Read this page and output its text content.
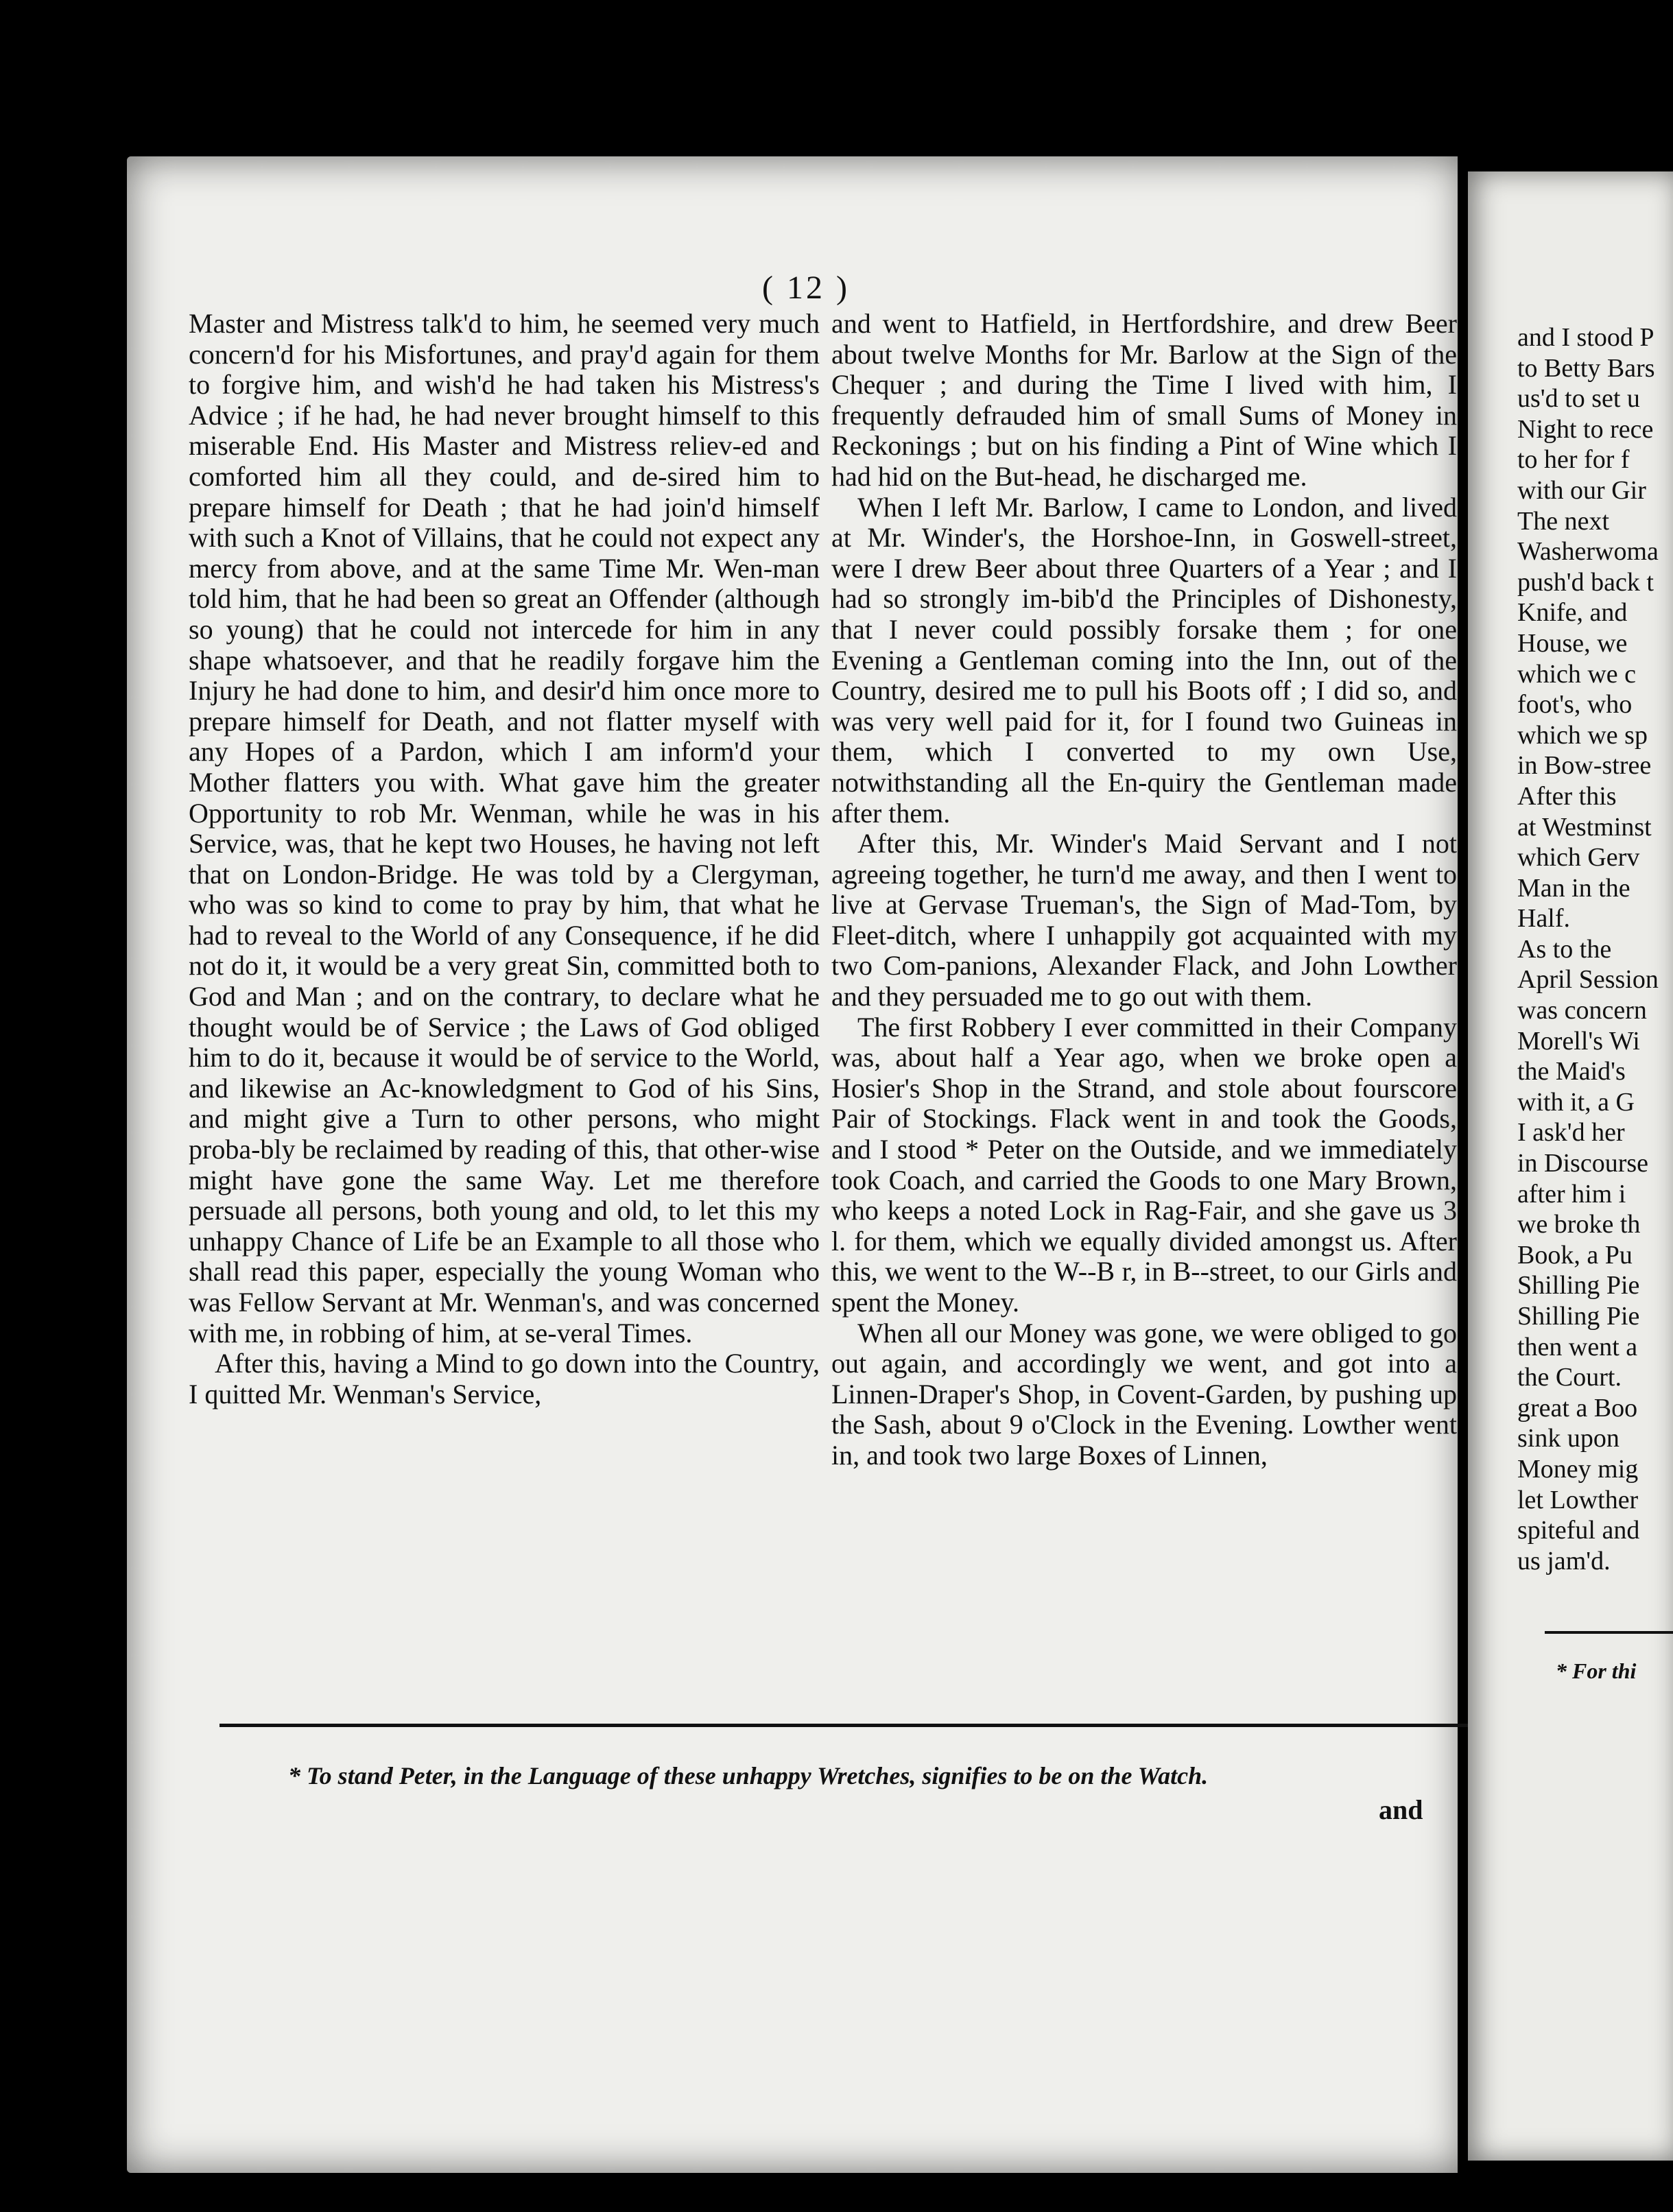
( 12 )

Master and Mistress talk'd to him, he seemed very much concern'd for his Misfortunes, and pray'd again for them to forgive him, and wish'd he had taken his Mistress's Advice ; if he had, he had never brought himself to this miserable End. His Master and Mistress reliev-ed and comforted him all they could, and de-sired him to prepare himself for Death ; that he had join'd himself with such a Knot of Villains, that he could not expect any mercy from above, and at the same Time Mr. Wen-man told him, that he had been so great an Offender (although so young) that he could not intercede for him in any shape whatsoever, and that he readily forgave him the Injury he had done to him, and desir'd him once more to prepare himself for Death, and not flatter myself with any Hopes of a Pardon, which I am inform'd your Mother flatters you with. What gave him the greater Opportunity to rob Mr. Wenman, while he was in his Service, was, that he kept two Houses, he having not left that on London-Bridge. He was told by a Clergyman, who was so kind to come to pray by him, that what he had to reveal to the World of any Consequence, if he did not do it, it would be a very great Sin, committed both to God and Man ; and on the contrary, to declare what he thought would be of Service ; the Laws of God obliged him to do it, because it would be of service to the World, and likewise an Ac-knowledgment to God of his Sins, and might give a Turn to other persons, who might proba-bly be reclaimed by reading of this, that other-wise might have gone the same Way. Let me therefore persuade all persons, both young and old, to let this my unhappy Chance of Life be an Example to all those who shall read this paper, especially the young Woman who was Fellow Servant at Mr. Wenman's, and was concerned with me, in robbing of him, at se-veral Times.

After this, having a Mind to go down into the Country, I quitted Mr. Wenman's Service,

and went to Hatfield, in Hertfordshire, and drew Beer about twelve Months for Mr. Barlow at the Sign of the Chequer ; and during the Time I lived with him, I frequently defrauded him of small Sums of Money in Reckonings ; but on his finding a Pint of Wine which I had hid on the But-head, he discharged me.

When I left Mr. Barlow, I came to London, and lived at Mr. Winder's, the Horshoe-Inn, in Goswell-street, were I drew Beer about three Quarters of a Year ; and I had so strongly im-bib'd the Principles of Dishonesty, that I never could possibly forsake them ; for one Evening a Gentleman coming into the Inn, out of the Country, desired me to pull his Boots off ; I did so, and was very well paid for it, for I found two Guineas in them, which I converted to my own Use, notwithstanding all the En-quiry the Gentleman made after them.

After this, Mr. Winder's Maid Servant and I not agreeing together, he turn'd me away, and then I went to live at Gervase Trueman's, the Sign of Mad-Tom, by Fleet-ditch, where I unhappily got acquainted with my two Com-panions, Alexander Flack, and John Lowther and they persuaded me to go out with them.

The first Robbery I ever committed in their Company was, about half a Year ago, when we broke open a Hosier's Shop in the Strand, and stole about fourscore Pair of Stockings. Flack went in and took the Goods, and I stood * Peter on the Outside, and we immediately took Coach, and carried the Goods to one Mary Brown, who keeps a noted Lock in Rag-Fair, and she gave us 3 l. for them, which we equally divided amongst us. After this, we went to the W--B r, in B--street, to our Girls and spent the Money.

When all our Money was gone, we were obliged to go out again, and accordingly we went, and got into a Linnen-Draper's Shop, in Covent-Garden, by pushing up the Sash, about 9 o'Clock in the Evening. Lowther went in, and took two large Boxes of Linnen,

* To stand Peter, in the Language of these unhappy Wretches, signifies to be on the Watch.
and
and I stood P
to Betty Bars
us'd to set u
Night to rece
to her for f
with our Gir
The next
Washerwoma
push'd back t
Knife, and
House, we
which we c
foot's, who
which we sp
in Bow-stree
After this
at Westminst
which Gerv
Man in the
Half.
As to the
April Session
was concern
Morell's Wi
the Maid's
with it, a G
I ask'd her
in Discourse
after him i
we broke th
Book, a Pu
Shilling Pie
Shilling Pie
then went a
the Court.
great a Boo
sink upon
Money mig
let Lowther
spiteful and
us jam'd.
* For thi
